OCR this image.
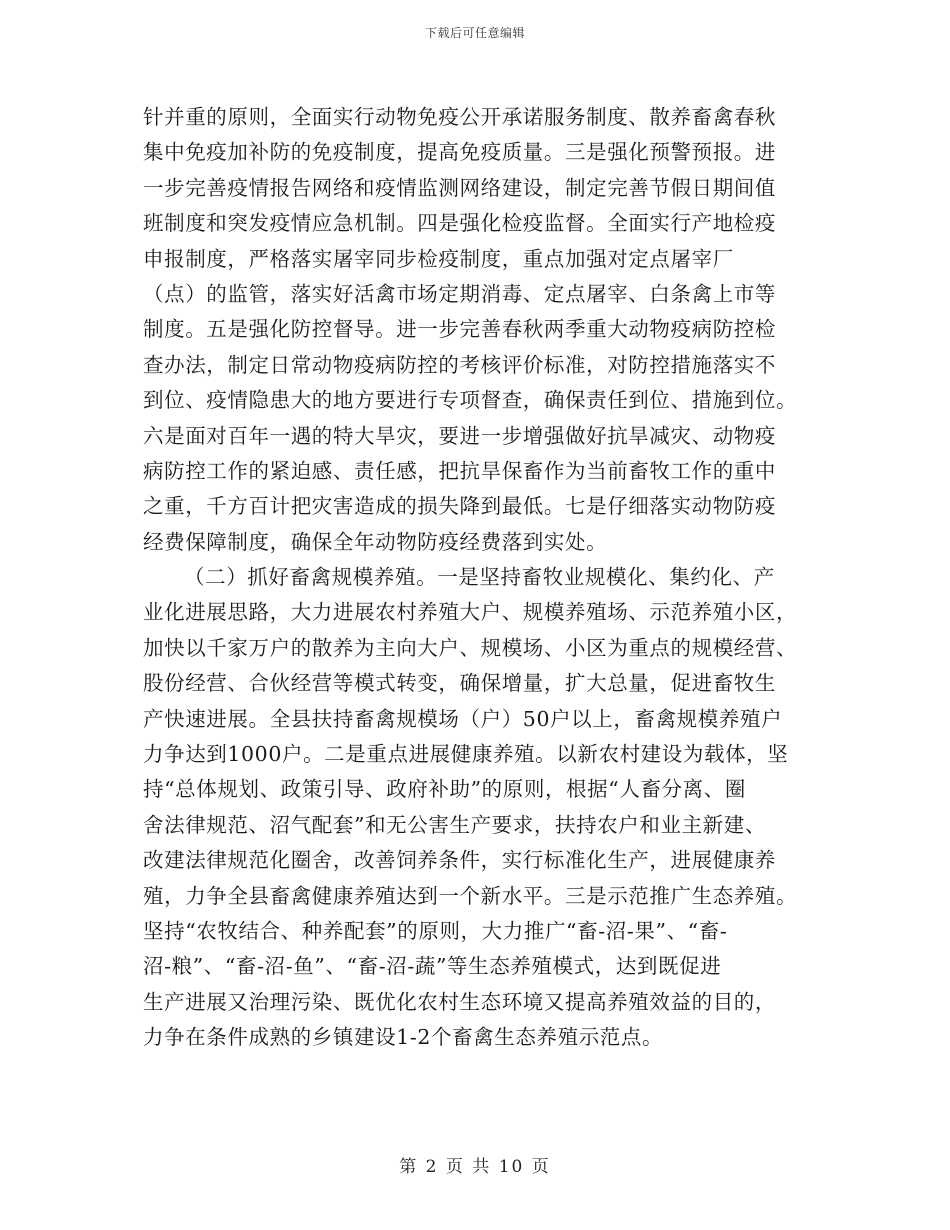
下载后可任意编辑
针并重的原则，全面实行动物免疫公开承诺服务制度、散养畜禽春秋
集中免疫加补防的免疫制度，提高免疫质量。三是强化预警预报。进
一步完善疫情报告网络和疫情监测网络建设，制定完善节假日期间值
班制度和突发疫情应急机制。四是强化检疫监督。全面实行产地检疫
申报制度，严格落实屠宰同步检疫制度，重点加强对定点屠宰厂
（点）的监管，落实好活禽市场定期消毒、定点屠宰、白条禽上市等
制度。五是强化防控督导。进一步完善春秋两季重大动物疫病防控检
查办法，制定日常动物疫病防控的考核评价标准，对防控措施落实不
到位、疫情隐患大的地方要进行专项督查，确保责任到位、措施到位。
六是面对百年一遇的特大旱灾，要进一步增强做好抗旱减灾、动物疫
病防控工作的紧迫感、责任感，把抗旱保畜作为当前畜牧工作的重中
之重，千方百计把灾害造成的损失降到最低。七是仔细落实动物防疫
经费保障制度，确保全年动物防疫经费落到实处。
（二）抓好畜禽规模养殖。一是坚持畜牧业规模化、集约化、产
业化进展思路，大力进展农村养殖大户、规模养殖场、示范养殖小区，
加快以千家万户的散养为主向大户、规模场、小区为重点的规模经营、
股份经营、合伙经营等模式转变，确保增量，扩大总量，促进畜牧生
产快速进展。全县扶持畜禽规模场（户）50户以上，畜禽规模养殖户
力争达到1000户。二是重点进展健康养殖。以新农村建设为载体，坚
持“总体规划、政策引导、政府补助”的原则，根据“人畜分离、圈
舍法律规范、沼气配套”和无公害生产要求，扶持农户和业主新建、
改建法律规范化圈舍，改善饲养条件，实行标准化生产，进展健康养
殖，力争全县畜禽健康养殖达到一个新水平。三是示范推广生态养殖。
坚持“农牧结合、种养配套”的原则，大力推广“畜-沼-果”、“畜-
沼-粮”、“畜-沼-鱼”、“畜-沼-蔬”等生态养殖模式，达到既促进
生产进展又治理污染、既优化农村生态环境又提高养殖效益的目的，
力争在条件成熟的乡镇建设1-2个畜禽生态养殖示范点。
第 2 页 共 10 页
